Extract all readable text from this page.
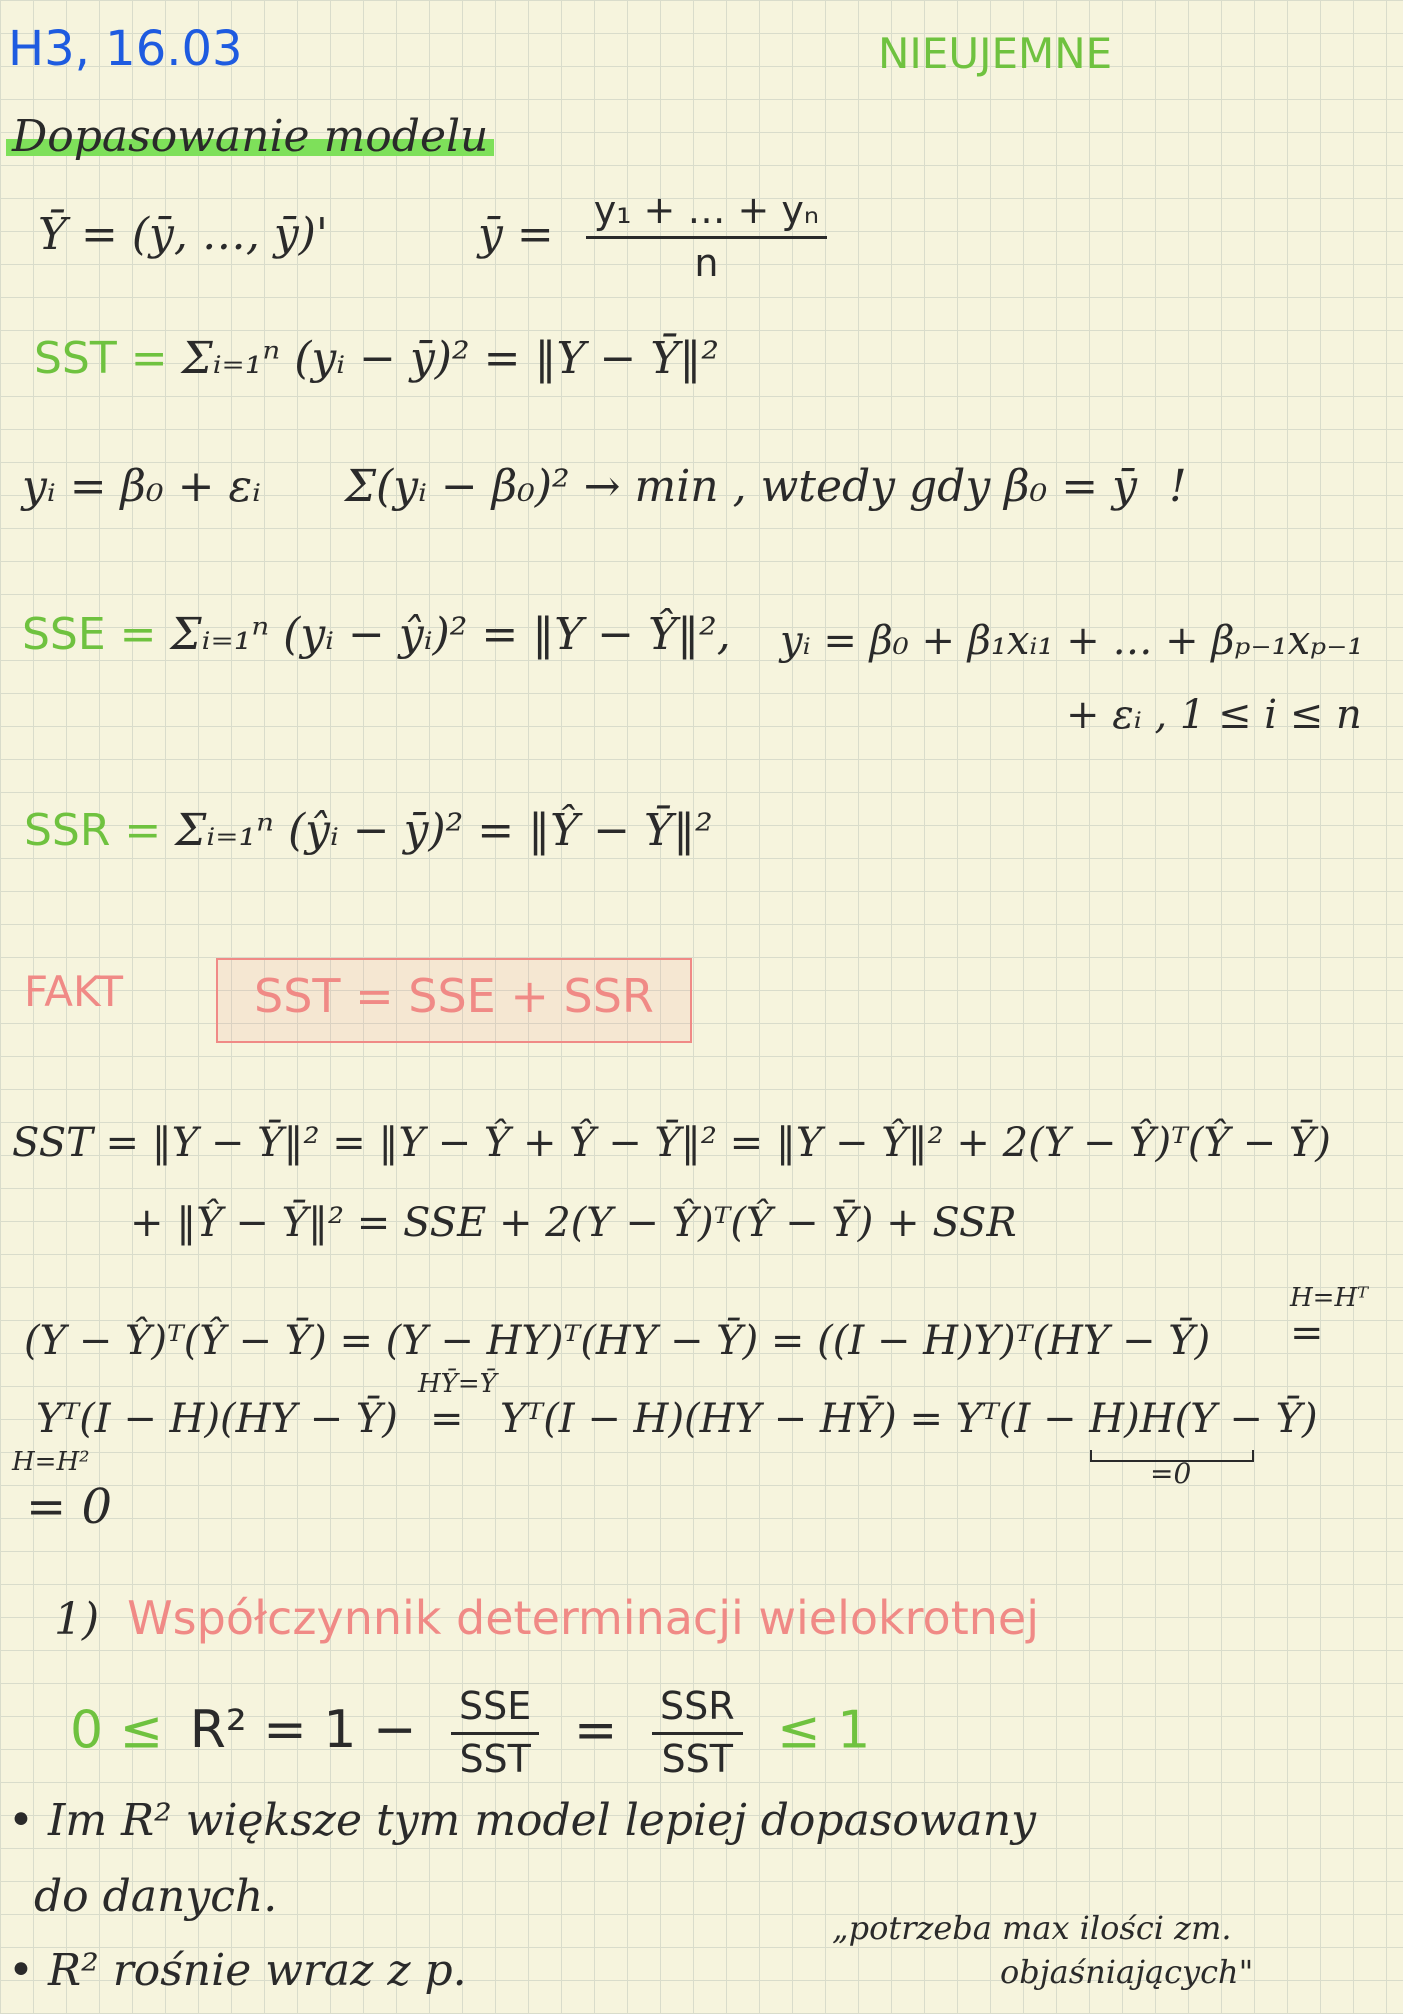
H3, 16.03	NIEUJEMNE
Dopasowanie modelu
Ȳ = (ȳ, …, ȳ)'	ȳ = $\frac{\text{y₁ + … + yₙ}}{n}$
SST = Σᵢ₌₁ⁿ (yᵢ − ȳ)² = ‖Y − Ȳ‖²
yᵢ = β₀ + εᵢ Σ(yᵢ − β₀)² → min , wtedy gdy β₀ = ȳ !
SSE = Σᵢ₌₁ⁿ (yᵢ − ŷᵢ)² = ‖Y − Ŷ‖², yᵢ = β₀ + β₁xᵢ₁ + … + βₚ₋₁xₚ₋₁
+ εᵢ , 1 ≤ i ≤ n
SSR = Σᵢ₌₁ⁿ (ŷᵢ − ȳ)² = ‖Ŷ − Ȳ‖²
FAKT	SST = SSE + SSR
SST = ‖Y − Ȳ‖² = ‖Y − Ŷ + Ŷ − Ȳ‖² = ‖Y − Ŷ‖² + 2(Y − Ŷ)ᵀ(Ŷ − Ȳ)
+ ‖Ŷ − Ȳ‖² = SSE + 2(Y − Ŷ)ᵀ(Ŷ − Ȳ) + SSR
H=Hᵀ
(Y − Ŷ)ᵀ(Ŷ − Ȳ) = (Y − HY)ᵀ(HY − Ȳ) = ((I − H)Y)ᵀ(HY − Ȳ) =
HȲ=Ȳ
Yᵀ(I − H)(HY − Ȳ) = Yᵀ(I − H)(HY − HȲ) = Yᵀ(I − H)H(Y − Ȳ)
=0
H=H²
= 0
1) Współczynnik determinacji wielokrotnej
$0 \le R^2 = 1 - \frac{\text{SSE}}{\text{SST}} = \frac{\text{SSR}}{\text{SST}} \le 1$
• Im R² większe tym model lepiej dopasowany
do danych.
• R² rośnie wraz z p.
„potrzeba max ilości zm.
objaśniających"
